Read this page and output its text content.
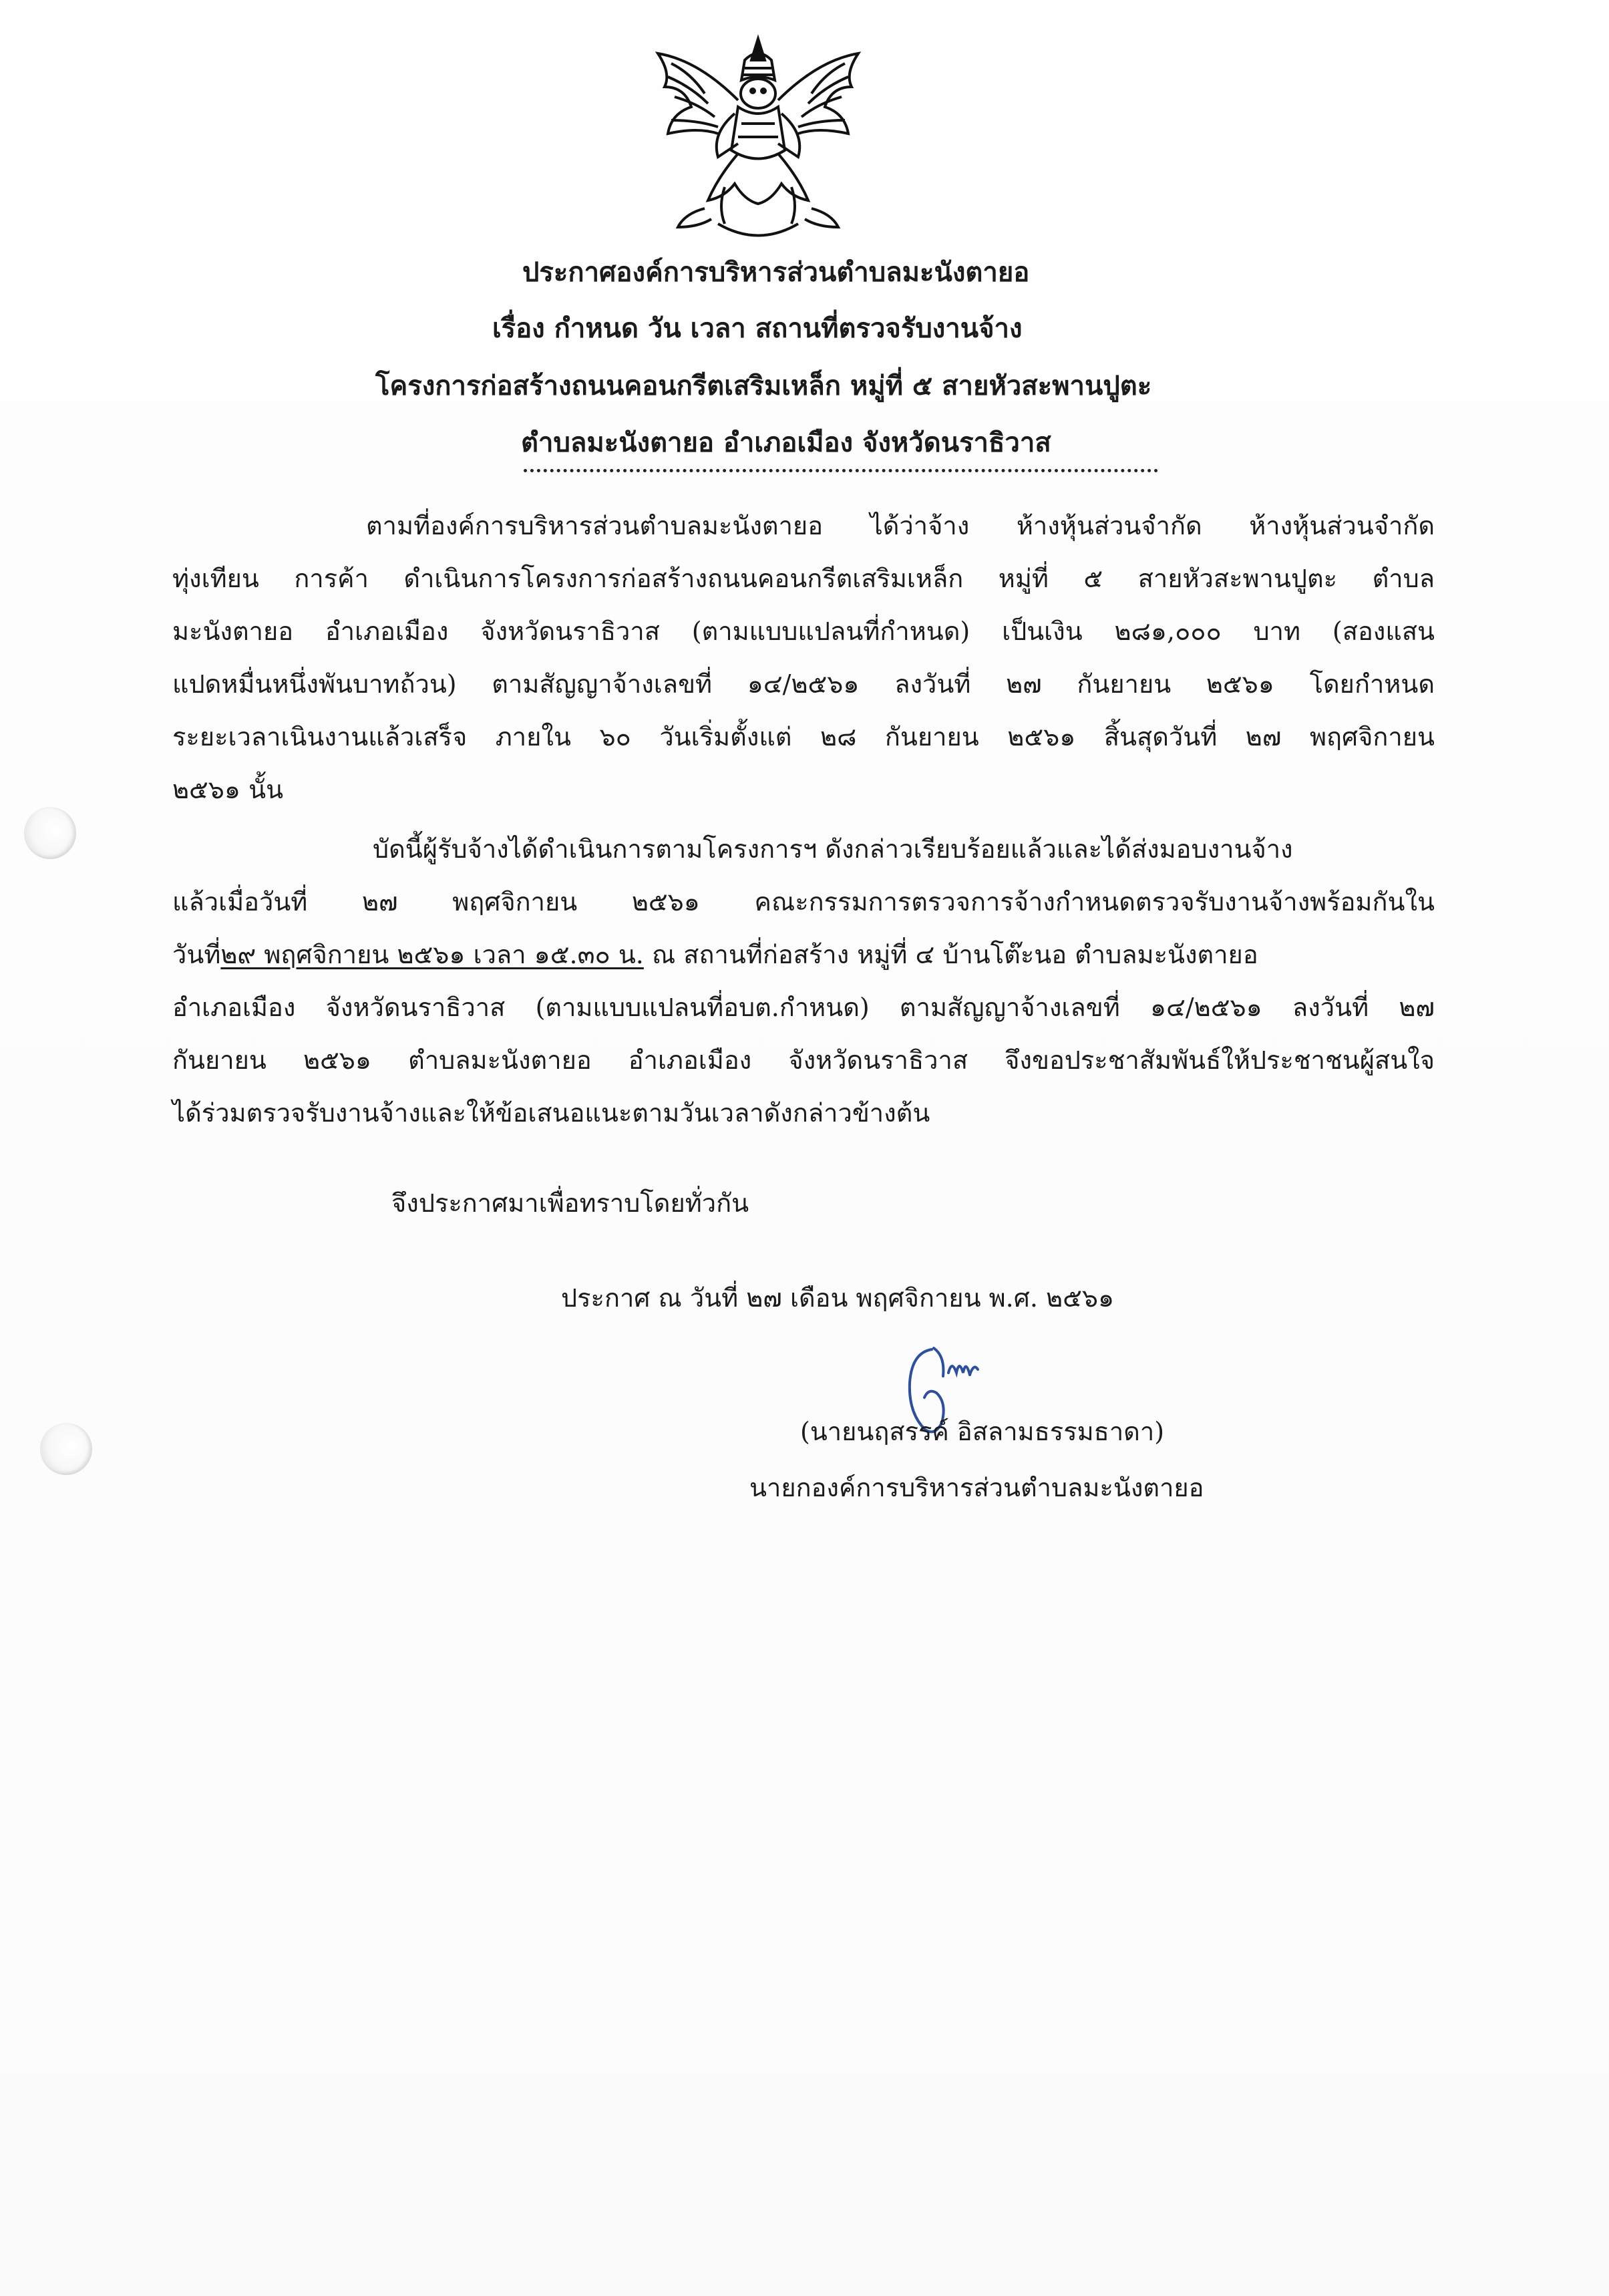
ประกาศองค์การบริหารส่วนตำบลมะนังตายอ
เรื่อง กำหนด วัน เวลา สถานที่ตรวจรับงานจ้าง
โครงการก่อสร้างถนนคอนกรีตเสริมเหล็ก หมู่ที่ ๕ สายหัวสะพานปูตะ
ตำบลมะนังตายอ อำเภอเมือง จังหวัดนราธิวาส
ตามที่องค์การบริหารส่วนตำบลมะนังตายอ ได้ว่าจ้าง ห้างหุ้นส่วนจำกัด ห้างหุ้นส่วนจำกัด
ทุ่งเทียน การค้า ดำเนินการโครงการก่อสร้างถนนคอนกรีตเสริมเหล็ก หมู่ที่ ๕ สายหัวสะพานปูตะ ตำบล
มะนังตายอ อำเภอเมือง จังหวัดนราธิวาส (ตามแบบแปลนที่กำหนด) เป็นเงิน ๒๘๑,๐๐๐ บาท (สองแสน
แปดหมื่นหนึ่งพันบาทถ้วน) ตามสัญญาจ้างเลขที่ ๑๔/๒๕๖๑ ลงวันที่ ๒๗ กันยายน ๒๕๖๑ โดยกำหนด
ระยะเวลาเนินงานแล้วเสร็จ ภายใน ๖๐ วันเริ่มตั้งแต่ ๒๘ กันยายน ๒๕๖๑ สิ้นสุดวันที่ ๒๗ พฤศจิกายน
๒๕๖๑ นั้น
บัดนี้ผู้รับจ้างได้ดำเนินการตามโครงการฯ ดังกล่าวเรียบร้อยแล้วและได้ส่งมอบงานจ้าง
แล้วเมื่อวันที่ ๒๗ พฤศจิกายน ๒๕๖๑ คณะกรรมการตรวจการจ้างกำหนดตรวจรับงานจ้างพร้อมกันใน
วันที่๒๙ พฤศจิกายน ๒๕๖๑ เวลา ๑๕.๓๐ น. ณ สถานที่ก่อสร้าง หมู่ที่ ๔ บ้านโต๊ะนอ ตำบลมะนังตายอ
อำเภอเมือง จังหวัดนราธิวาส (ตามแบบแปลนที่อบต.กำหนด) ตามสัญญาจ้างเลขที่ ๑๔/๒๕๖๑ ลงวันที่ ๒๗
กันยายน ๒๕๖๑ ตำบลมะนังตายอ อำเภอเมือง จังหวัดนราธิวาส จึงขอประชาสัมพันธ์ให้ประชาชนผู้สนใจ
ได้ร่วมตรวจรับงานจ้างและให้ข้อเสนอแนะตามวันเวลาดังกล่าวข้างต้น
จึงประกาศมาเพื่อทราบโดยทั่วกัน
ประกาศ ณ วันที่ ๒๗ เดือน พฤศจิกายน พ.ศ. ๒๕๖๑
(นายนฤสรรค์ อิสลามธรรมธาดา)
นายกองค์การบริหารส่วนตำบลมะนังตายอ
